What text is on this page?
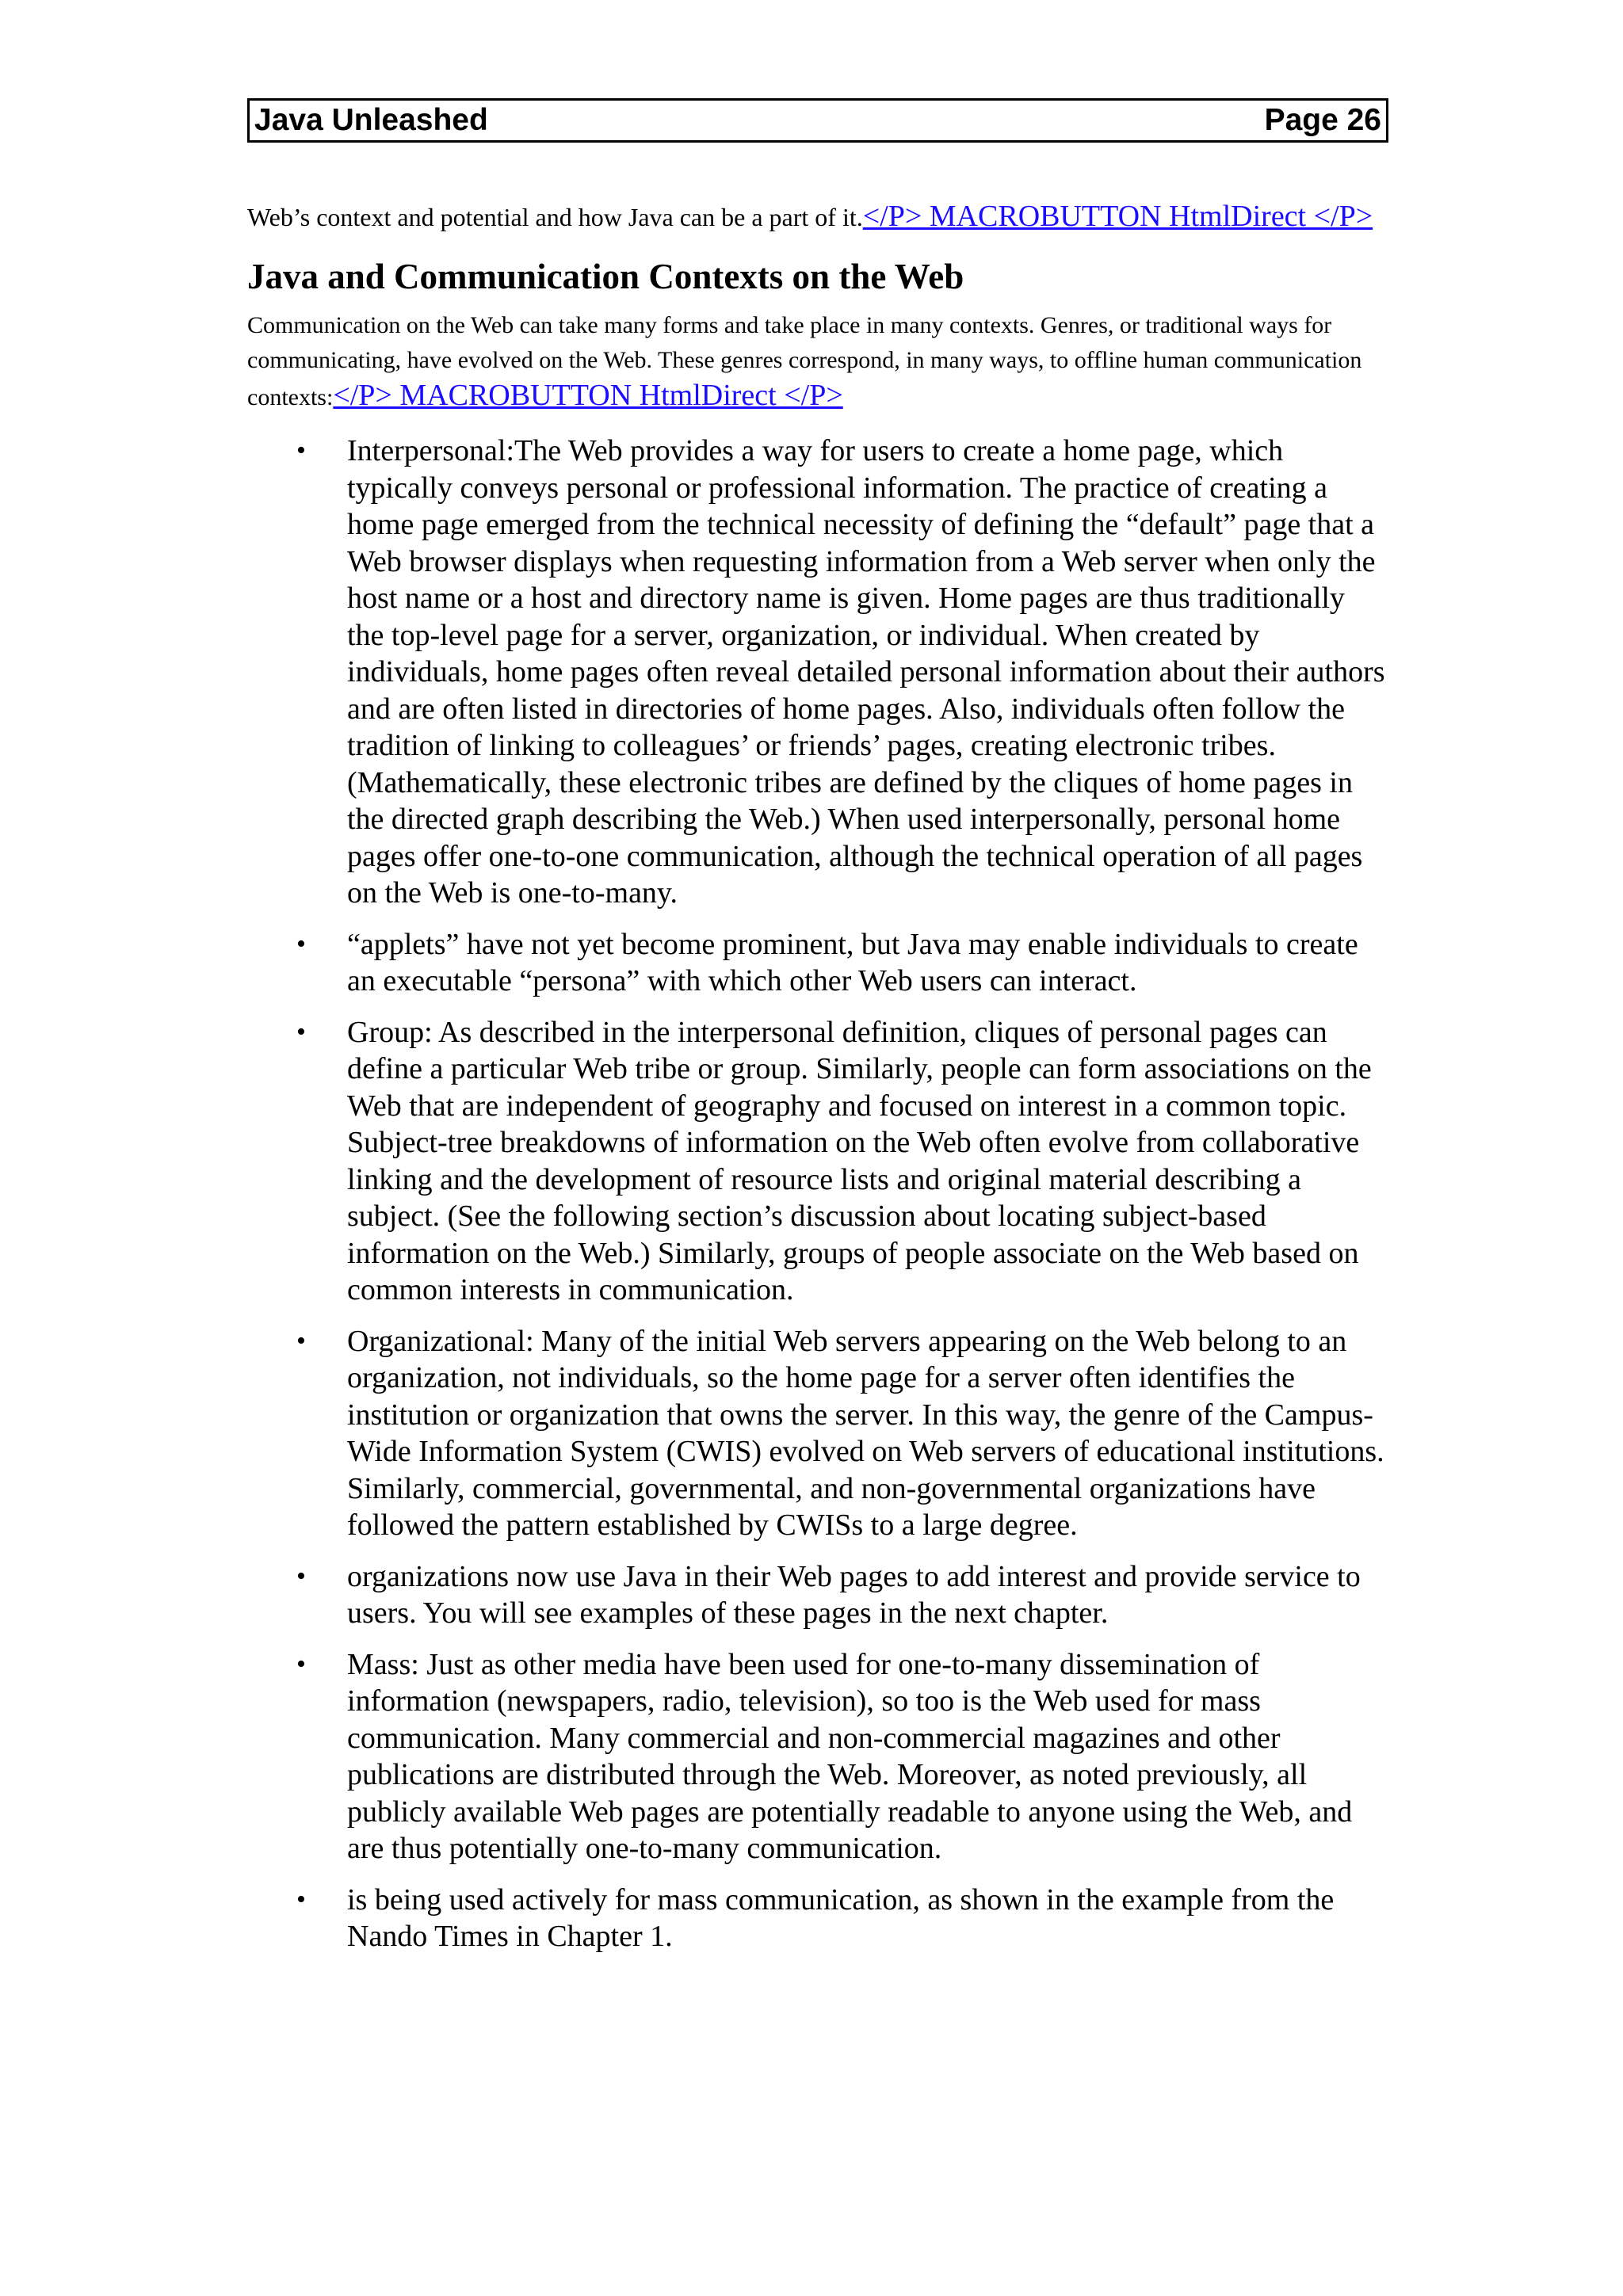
Java Unleashed	Page 26
Web’s context and potential and how Java can be a part of it.</P> MACROBUTTON HtmlDirect </P>
Java and Communication Contexts on the Web

Communication on the Web can take many forms and take place in many contexts. Genres, or traditional ways for communicating, have evolved on the Web. These genres correspond, in many ways, to offline human communication contexts:</P> MACROBUTTON HtmlDirect </P>

• Interpersonal:The Web provides a way for users to create a home page, which typically conveys personal or professional information. The practice of creating a home page emerged from the technical necessity of defining the “default” page that a Web browser displays when requesting information from a Web server when only the host name or a host and directory name is given. Home pages are thus traditionally the top-level page for a server, organization, or individual. When created by individuals, home pages often reveal detailed personal information about their authors and are often listed in directories of home pages. Also, individuals often follow the tradition of linking to colleagues’ or friends’ pages, creating electronic tribes. (Mathematically, these electronic tribes are defined by the cliques of home pages in the directed graph describing the Web.) When used interpersonally, personal home pages offer one-to-one communication, although the technical operation of all pages on the Web is one-to-many.
• “applets” have not yet become prominent, but Java may enable individuals to create an executable “persona” with which other Web users can interact.
• Group: As described in the interpersonal definition, cliques of personal pages can define a particular Web tribe or group. Similarly, people can form associations on the Web that are independent of geography and focused on interest in a common topic. Subject-tree breakdowns of information on the Web often evolve from collaborative linking and the development of resource lists and original material describing a subject. (See the following section’s discussion about locating subject-based information on the Web.) Similarly, groups of people associate on the Web based on common interests in communication.
• Organizational: Many of the initial Web servers appearing on the Web belong to an organization, not individuals, so the home page for a server often identifies the institution or organization that owns the server. In this way, the genre of the Campus-Wide Information System (CWIS) evolved on Web servers of educational institutions. Similarly, commercial, governmental, and non-governmental organizations have followed the pattern established by CWISs to a large degree.
• organizations now use Java in their Web pages to add interest and provide service to users. You will see examples of these pages in the next chapter.
• Mass: Just as other media have been used for one-to-many dissemination of information (newspapers, radio, television), so too is the Web used for mass communication. Many commercial and non-commercial magazines and other publications are distributed through the Web. Moreover, as noted previously, all publicly available Web pages are potentially readable to anyone using the Web, and are thus potentially one-to-many communication.
• is being used actively for mass communication, as shown in the example from the Nando Times in Chapter 1.
